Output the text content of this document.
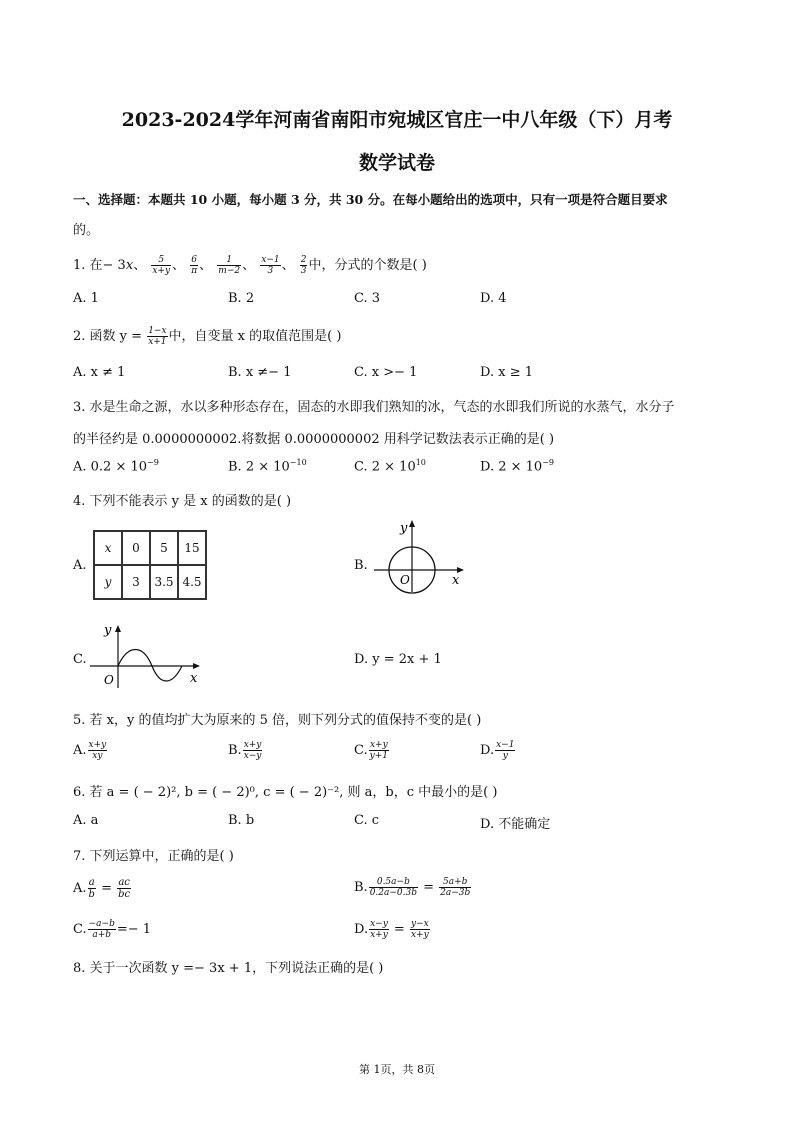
2023-2024学年河南省南阳市宛城区官庄一中八年级（下）月考
数学试卷
一、选择题：本题共 10 小题，每小题 3 分，共 30 分。在每小题给出的选项中，只有一项是符合题目要求
的。
1. 在− 3x、 $\frac{5}{x+y}$ 、 $\frac{6}{\pi}$ 、 $\frac{1}{m-2}$ 、 $\frac{x-1}{3}$ 、 $\frac{2}{3}$ 中，分式的个数是( )
A. 1	B. 2	C. 3	D. 4
2. 函数 $y = \frac{1-x}{x+1}$ 中，自变量 x 的取值范围是( )
A. x ≠ 1	B. x ≠− 1	C. x >− 1	D. x ≥ 1
3. 水是生命之源，水以多种形态存在，固态的水即我们熟知的冰，气态的水即我们所说的水蒸气，水分子
的半径约是 0.0000000002.将数据 0.0000000002 用科学记数法表示正确的是( )
A. $0.2 \times 10^{-9}$	B. $2 \times 10^{-10}$	C. $2 \times 10^{10}$	D. $2 \times 10^{-9}$
4. 下列不能表示 y 是 x 的函数的是( )
A.
x	0	5	15
y	3	3.5	4.5
B.
y
x
O
C.
y
x
O
D. y = 2x + 1
5. 若 x，y 的值均扩大为原来的 5 倍，则下列分式的值保持不变的是( )
A. $\frac{x+y}{xy}$	B. $\frac{x+y}{x-y}$	C. $\frac{x+y}{y+1}$	D. $\frac{x-1}{y}$
6. 若 a = ( − 2)², b = ( − 2)⁰, c = ( − 2)⁻², 则 a，b，c 中最小的是( )
A. a	B. b	C. c	D. 不能确定
7. 下列运算中，正确的是( )
A. $\frac{a}{b} = \frac{ac}{bc}$	B. $\frac{0.5a-b}{0.2a-0.3b} = \frac{5a+b}{2a-3b}$
C. $\frac{-a-b}{a+b} =- 1$	D. $\frac{x-y}{x+y} = \frac{y-x}{x+y}$
8. 关于一次函数 y =− 3x + 1，下列说法正确的是( )
第 1页，共 8页
